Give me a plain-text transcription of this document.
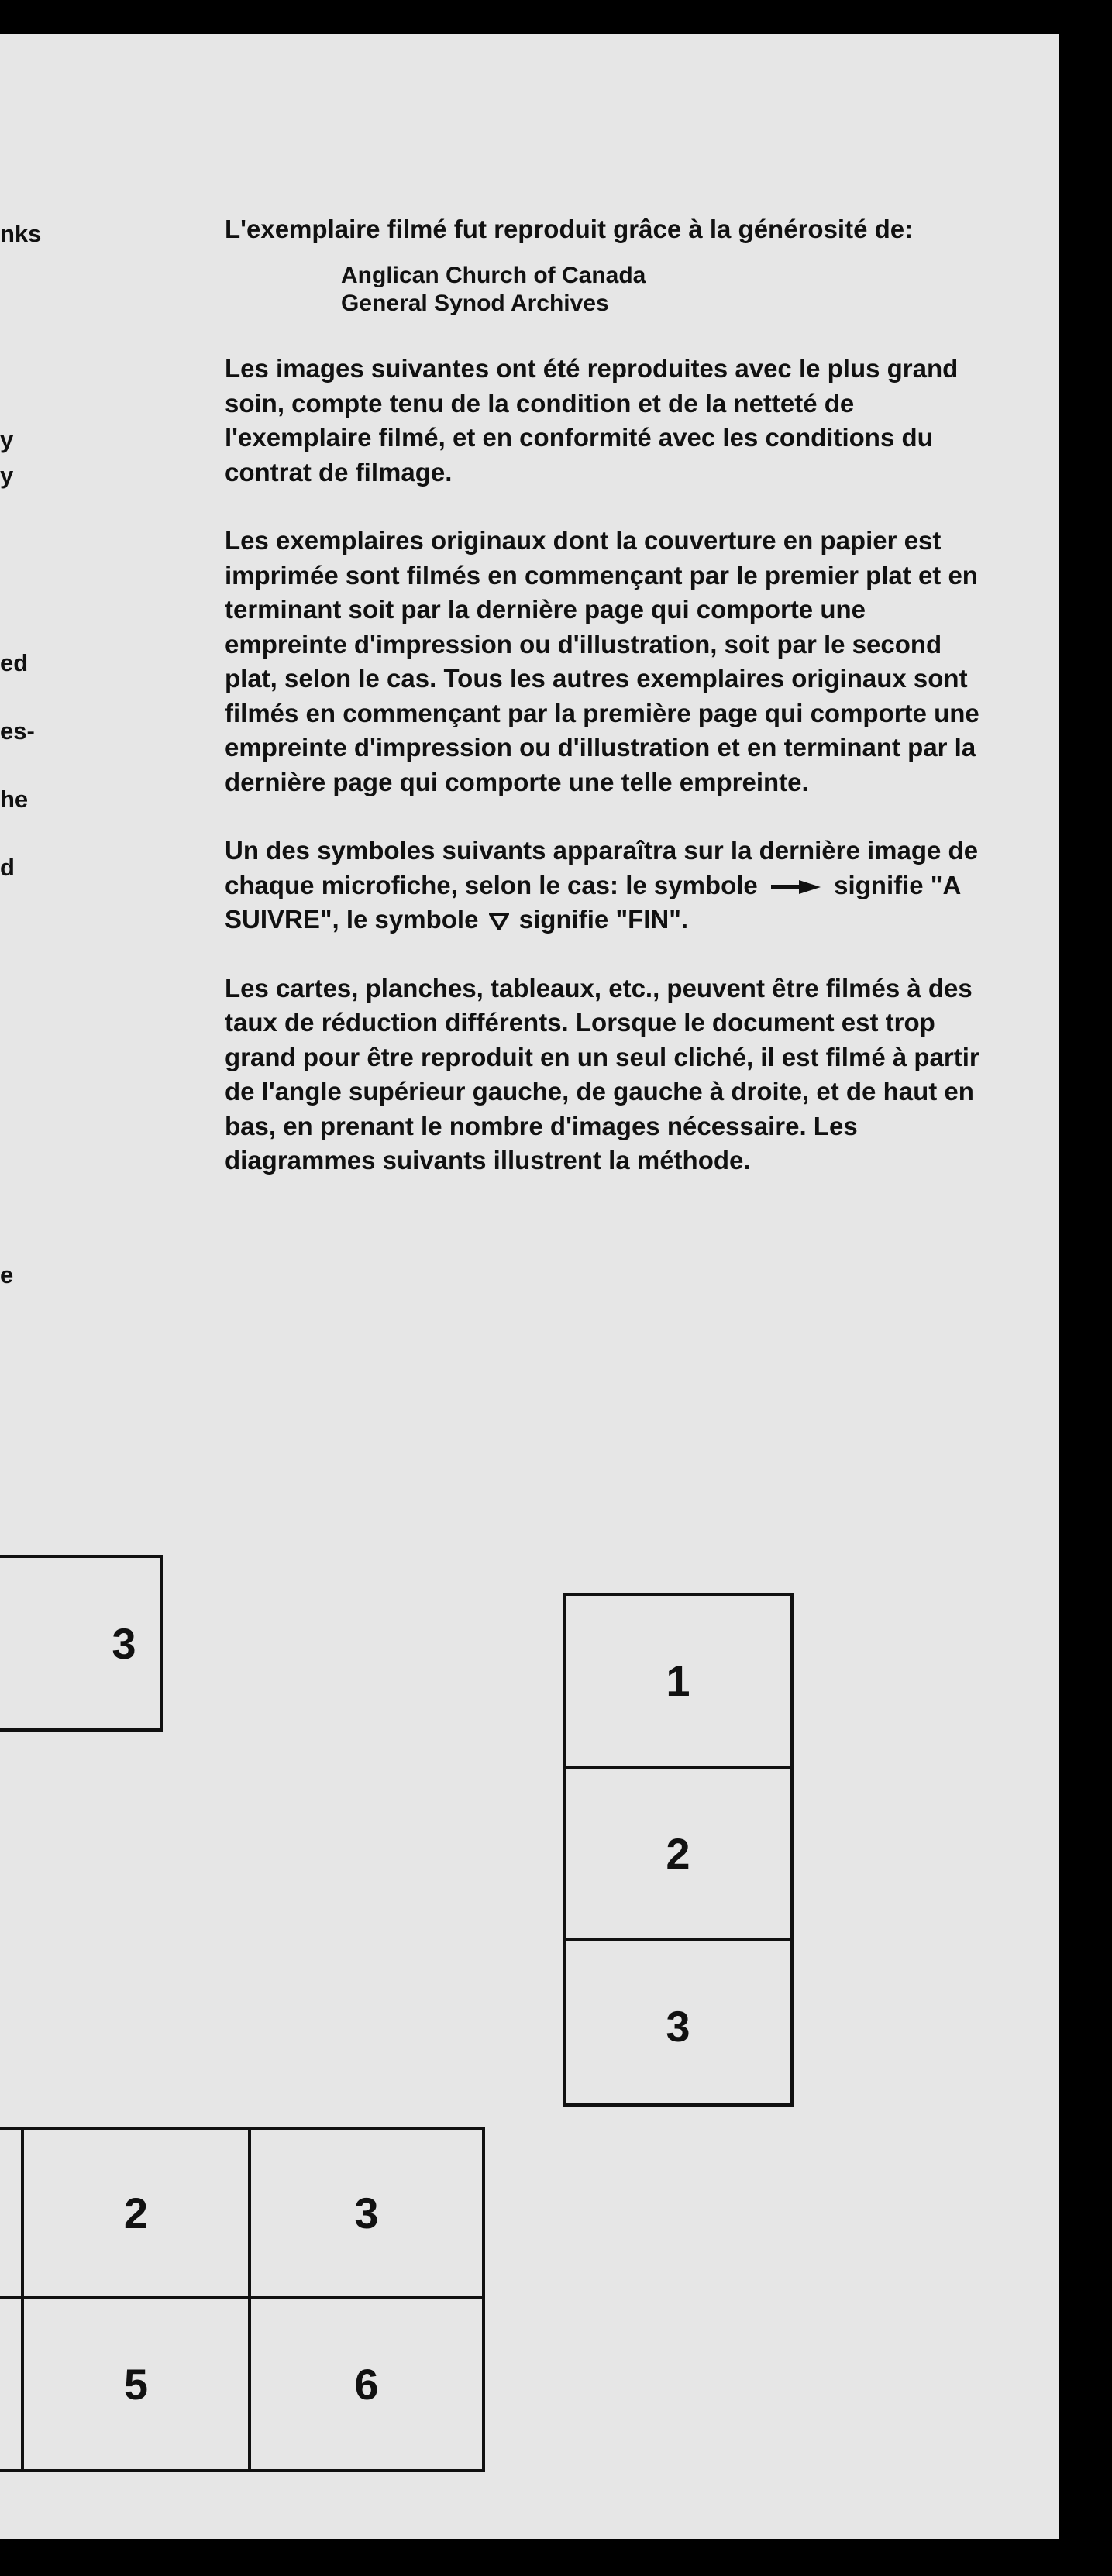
nks
y
y
ed
es-
he
d
e

L'exemplaire filmé fut reproduit grâce à la générosité de:

Anglican Church of Canada
General Synod Archives

Les images suivantes ont été reproduites avec le plus grand soin, compte tenu de la condition et de la netteté de l'exemplaire filmé, et en conformité avec les conditions du contrat de filmage.

Les exemplaires originaux dont la couverture en papier est imprimée sont filmés en commençant par le premier plat et en terminant soit par la dernière page qui comporte une empreinte d'impression ou d'illustration, soit par le second plat, selon le cas. Tous les autres exemplaires originaux sont filmés en commençant par la première page qui comporte une empreinte d'impression ou d'illustration et en terminant par la dernière page qui comporte une telle empreinte.

Un des symboles suivants apparaîtra sur la dernière image de chaque microfiche, selon le cas: le symbole	signifie "A SUIVRE", le symbole signifie "FIN".

Les cartes, planches, tableaux, etc., peuvent être filmés à des taux de réduction différents. Lorsque le document est trop grand pour être reproduit en un seul cliché, il est filmé à partir de l'angle supérieur gauche, de gauche à droite, et de haut en bas, en prenant le nombre d'images nécessaire. Les diagrammes suivants illustrent la méthode.

3
1
2
3
2	3
5	6
